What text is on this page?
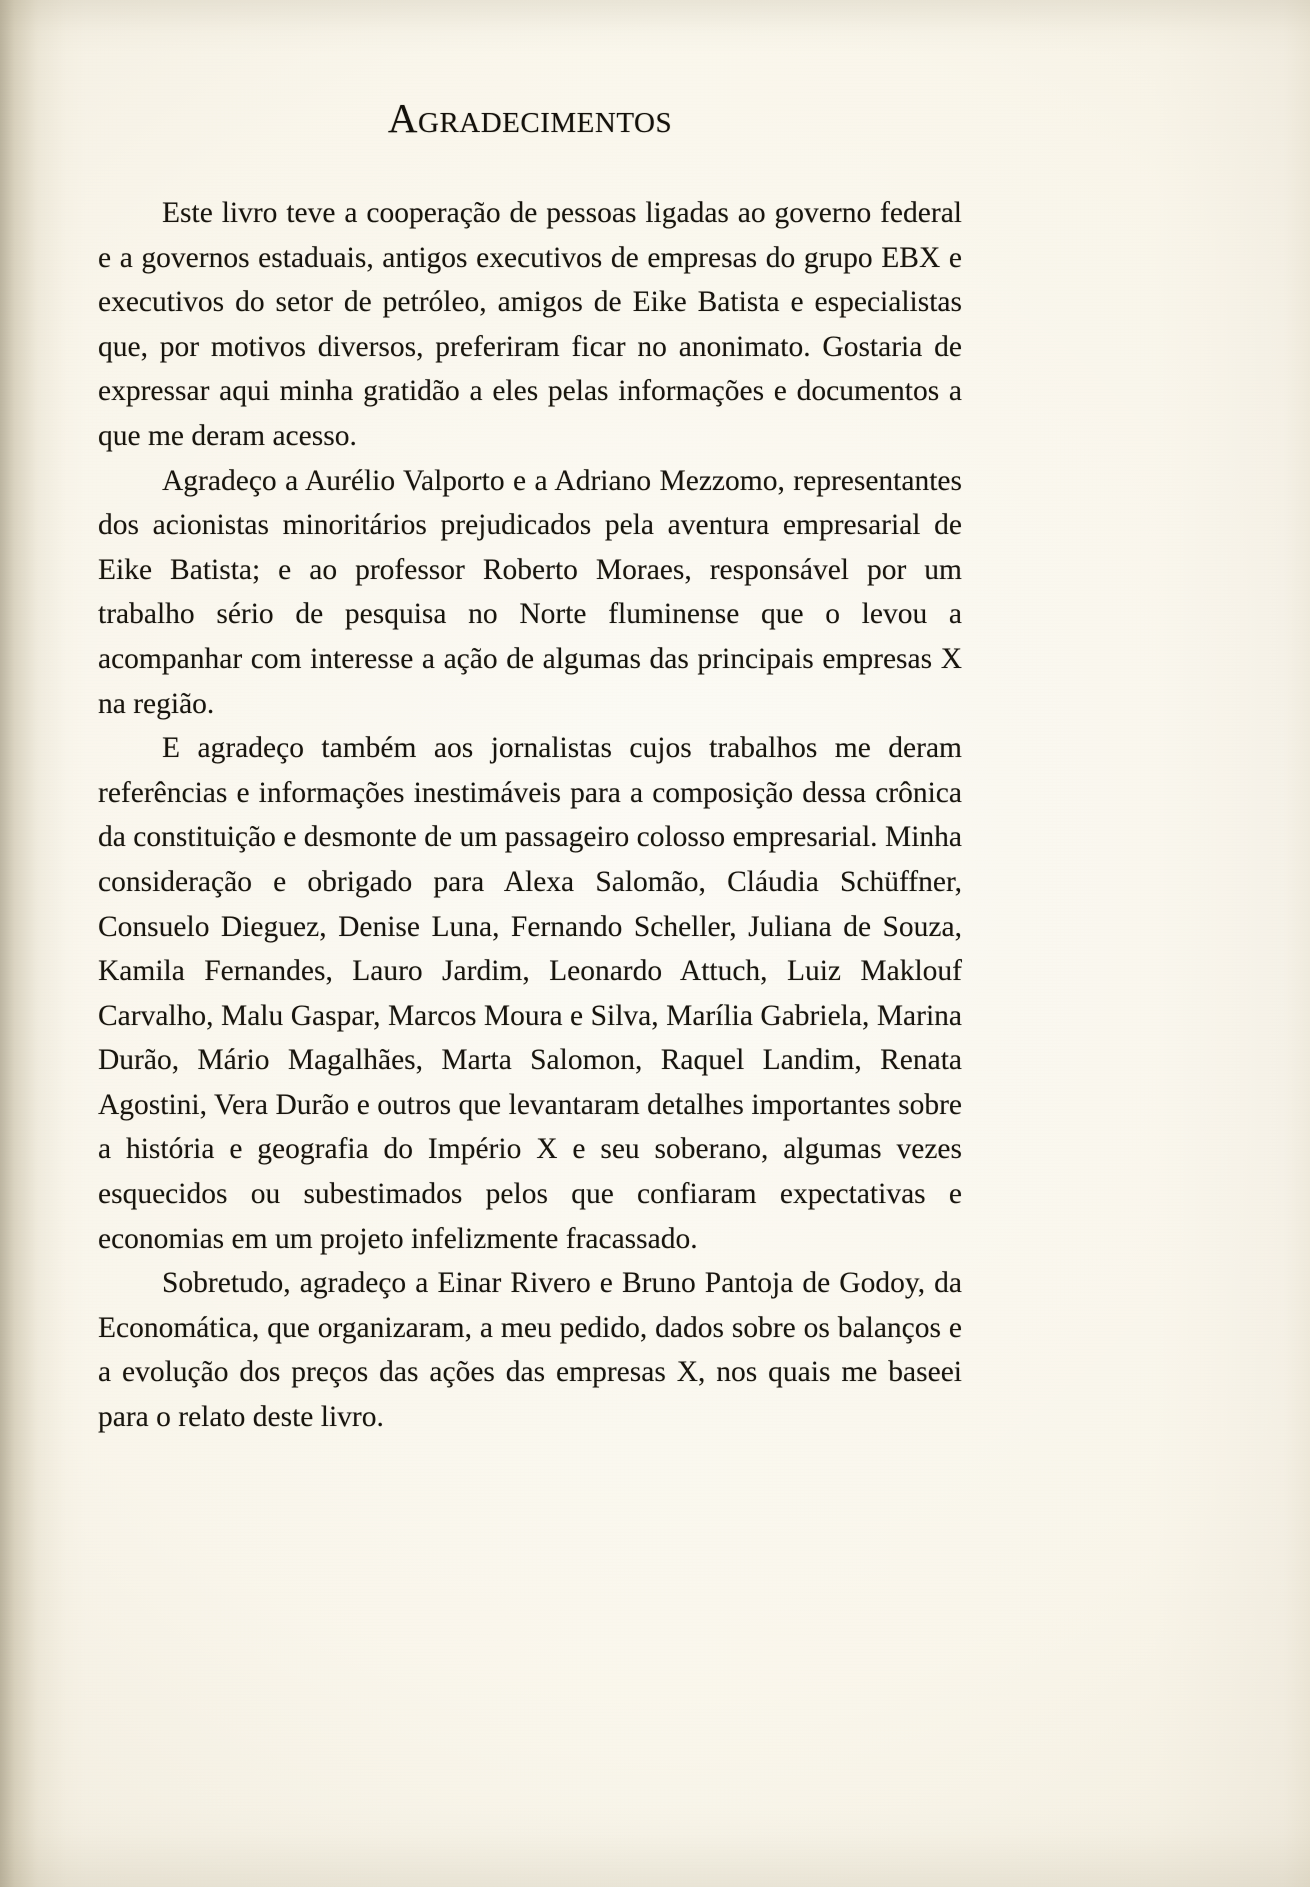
Agradecimentos

Este livro teve a cooperação de pessoas ligadas ao governo federal e a governos estaduais, antigos executivos de empresas do grupo EBX e executivos do setor de petróleo, amigos de Eike Batista e especialistas que, por motivos diversos, preferiram ficar no anonimato. Gostaria de expressar aqui minha gratidão a eles pelas informações e documentos a que me deram acesso.

Agradeço a Aurélio Valporto e a Adriano Mezzomo, representantes dos acionistas minoritários prejudicados pela aventura empresarial de Eike Batista; e ao professor Roberto Moraes, responsável por um trabalho sério de pesquisa no Norte fluminense que o levou a acompanhar com interesse a ação de algumas das principais empresas X na região.

E agradeço também aos jornalistas cujos trabalhos me deram referências e informações inestimáveis para a composição dessa crônica da constituição e desmonte de um passageiro colosso empresarial. Minha consideração e obrigado para Alexa Salomão, Cláudia Schüffner, Consuelo Dieguez, Denise Luna, Fernando Scheller, Juliana de Souza, Kamila Fernandes, Lauro Jardim, Leonardo Attuch, Luiz Maklouf Carvalho, Malu Gaspar, Marcos Moura e Silva, Marília Gabriela, Marina Durão, Mário Magalhães, Marta Salomon, Raquel Landim, Renata Agostini, Vera Durão e outros que levantaram detalhes importantes sobre a história e geografia do Império X e seu soberano, algumas vezes esquecidos ou subestimados pelos que confiaram expectativas e economias em um projeto infelizmente fracassado.

Sobretudo, agradeço a Einar Rivero e Bruno Pantoja de Godoy, da Economática, que organizaram, a meu pedido, dados sobre os balanços e a evolução dos preços das ações das empresas X, nos quais me baseei para o relato deste livro.
